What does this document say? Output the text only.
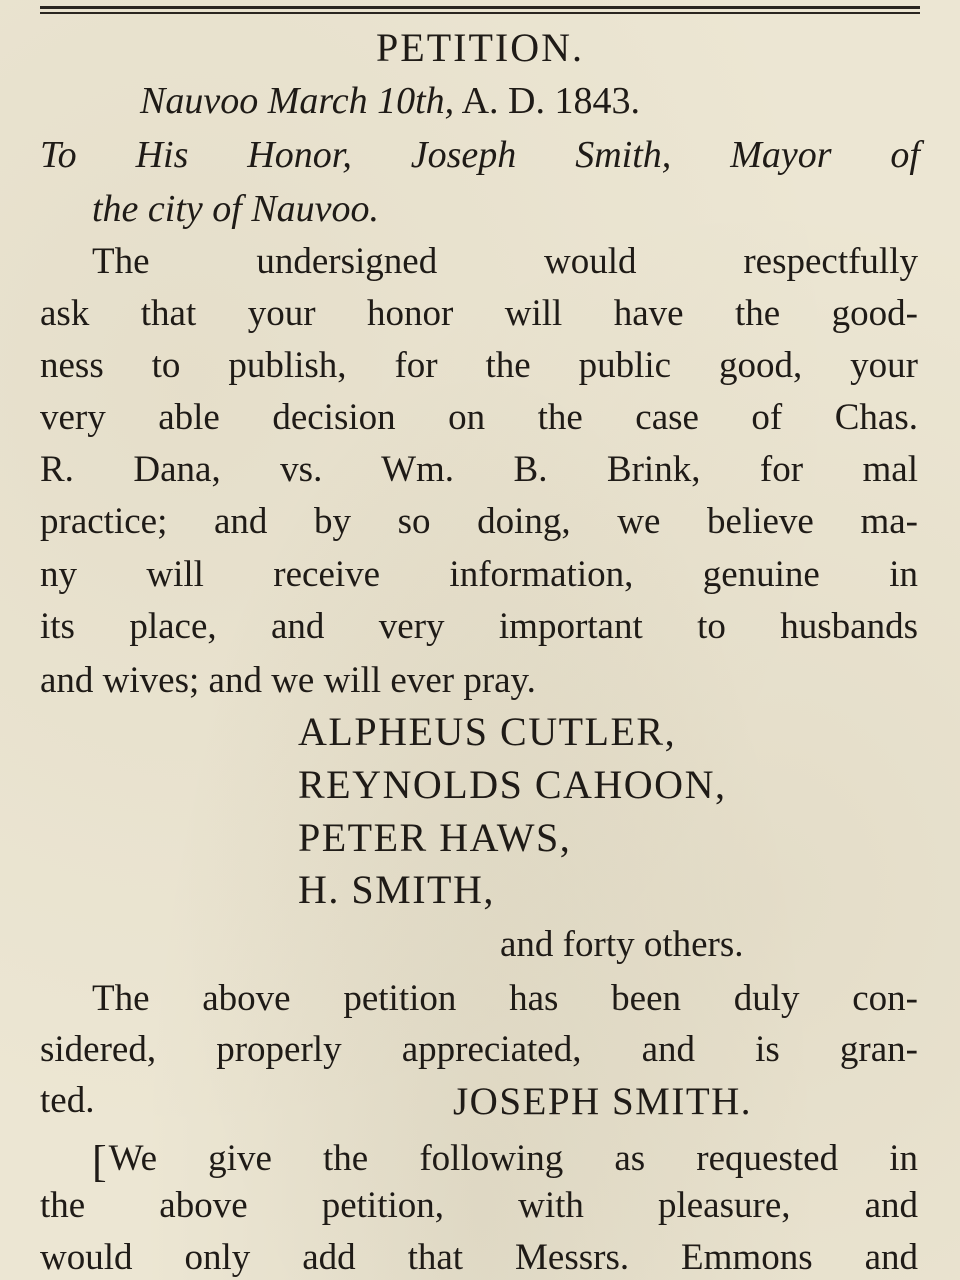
PETITION.
Nauvoo March 10th, A. D. 1843.
To His Honor, Joseph Smith, Mayor of
the city of Nauvoo.
The undersigned would respectfully
ask that your honor will have the good-
ness to publish, for the public good, your
very able decision on the case of Chas.
R. Dana, vs. Wm. B. Brink, for mal
practice; and by so doing, we believe ma-
ny will receive information, genuine in
its place, and very important to husbands
and wives; and we will ever pray.
ALPHEUS CUTLER,
REYNOLDS CAHOON,
PETER HAWS,
H. SMITH,
and forty others.
The above petition has been duly con-
sidered, properly appreciated, and is gran-
ted.	JOSEPH SMITH.
[We give the following as requested in
the above petition, with pleasure, and
would only add that Messrs. Emmons and
